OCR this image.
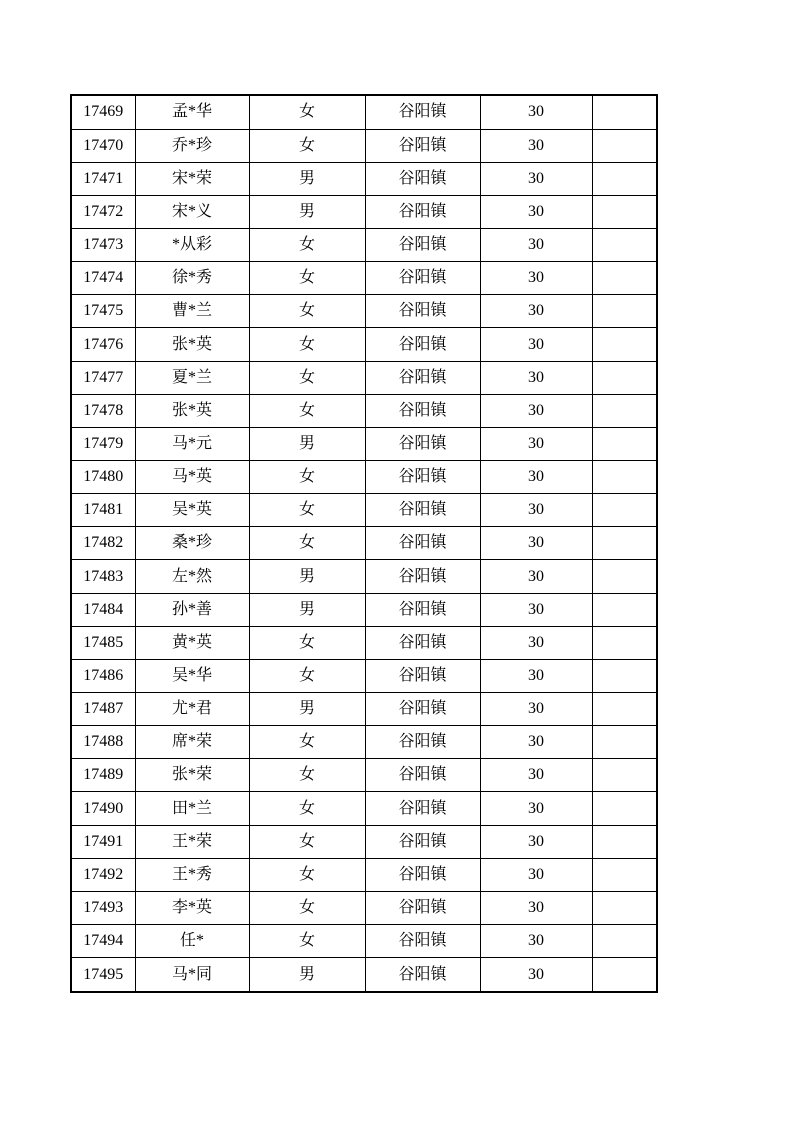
17469	孟*华	女	谷阳镇	30	
17470	乔*珍	女	谷阳镇	30	
17471	宋*荣	男	谷阳镇	30	
17472	宋*义	男	谷阳镇	30	
17473	*从彩	女	谷阳镇	30	
17474	徐*秀	女	谷阳镇	30	
17475	曹*兰	女	谷阳镇	30	
17476	张*英	女	谷阳镇	30	
17477	夏*兰	女	谷阳镇	30	
17478	张*英	女	谷阳镇	30	
17479	马*元	男	谷阳镇	30	
17480	马*英	女	谷阳镇	30	
17481	吴*英	女	谷阳镇	30	
17482	桑*珍	女	谷阳镇	30	
17483	左*然	男	谷阳镇	30	
17484	孙*善	男	谷阳镇	30	
17485	黄*英	女	谷阳镇	30	
17486	吴*华	女	谷阳镇	30	
17487	尤*君	男	谷阳镇	30	
17488	席*荣	女	谷阳镇	30	
17489	张*荣	女	谷阳镇	30	
17490	田*兰	女	谷阳镇	30	
17491	王*荣	女	谷阳镇	30	
17492	王*秀	女	谷阳镇	30	
17493	李*英	女	谷阳镇	30	
17494	任*	女	谷阳镇	30	
17495	马*同	男	谷阳镇	30	
